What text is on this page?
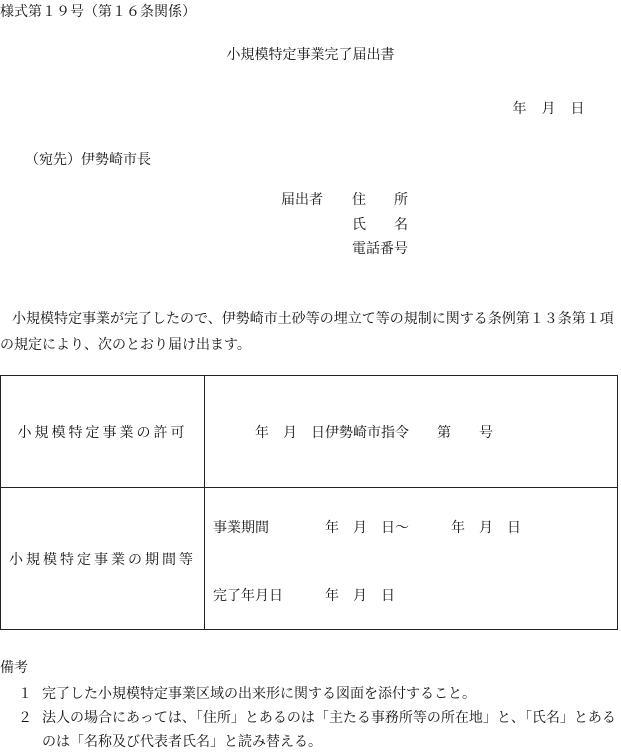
様式第１９号（第１６条関係）
小規模特定事業完了届出書
年　月　日
（宛先）伊勢崎市長
届出者 住　　所
氏　　名
電話番号

小規模特定事業が完了したので、伊勢崎市土砂等の埋立て等の規制に関する条例第１３条第１項の規定により、次のとおり届け出ます。

小規模特定事業の許可	年　月　日伊勢崎市指令　　第　　号
小規模特定事業の期間等	事業期間　　　　年　月　日～　　　年　月　日
完了年月日　　　年　月　日
備考
１ 完了した小規模特定事業区域の出来形に関する図面を添付すること。
２ 法人の場合にあっては、「住所」とあるのは「主たる事務所等の所在地」と、「氏名」とあるのは「名称及び代表者氏名」と読み替える。
